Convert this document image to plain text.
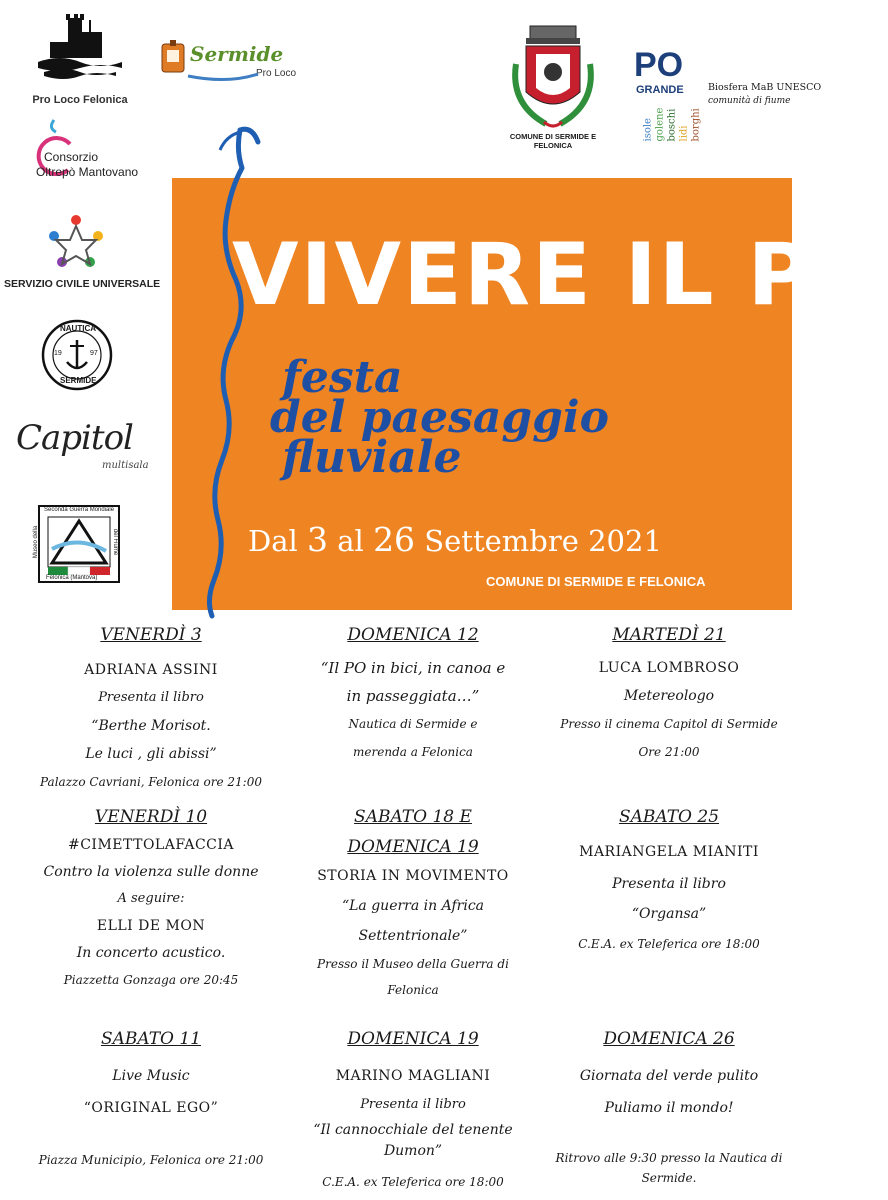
Pro Loco Felonica
Sermide
Pro Loco
Consorzio
Oltrepò Mantovano
SERVIZIO CIVILE UNIVERSALE
NAUTICA
19	97
SERMIDE
Capitol
multisala
Seconda Guerra Mondiale
Museo della	del Fiume
Felonica (Mantova)
COMUNE DI SERMIDE E FELONICA
PO
GRANDE
isole golene boschi lidi borghi
Biosfera MaB UNESCO
comunità di fiume
VIVERE IL PO
festa
del paesaggio
fluviale
Dal 3 al 26 Settembre 2021
COMUNE DI SERMIDE E FELONICA

VENERDÌ 3

ADRIANA ASSINI

Presenta il libro

“Berthe Morisot.

Le luci , gli abissi”

Palazzo Cavriani, Felonica ore 21:00

DOMENICA 12

“Il PO in bici, in canoa e

in passeggiata…”

Nautica di Sermide e

merenda a Felonica

MARTEDÌ 21

LUCA LOMBROSO

Metereologo

Presso il cinema Capitol di Sermide

Ore 21:00

VENERDÌ 10

#CIMETTOLAFACCIA

Contro la violenza sulle donne

A seguire:

ELLI DE MON

In concerto acustico.

Piazzetta Gonzaga ore 20:45

SABATO 18 E

DOMENICA 19

STORIA IN MOVIMENTO

“La guerra in Africa

Settentrionale”

Presso il Museo della Guerra di

Felonica

SABATO 25

MARIANGELA MIANITI

Presenta il libro

“Organsa”

C.E.A. ex Teleferica ore 18:00

SABATO 11

Live Music

“ORIGINAL EGO”

Piazza Municipio, Felonica ore 21:00

DOMENICA 19

MARINO MAGLIANI

Presenta il libro

“Il cannocchiale del tenente

Dumon”

C.E.A. ex Teleferica ore 18:00

DOMENICA 26

Giornata del verde pulito

Puliamo il mondo!

Ritrovo alle 9:30 presso la Nautica di

Sermide.
